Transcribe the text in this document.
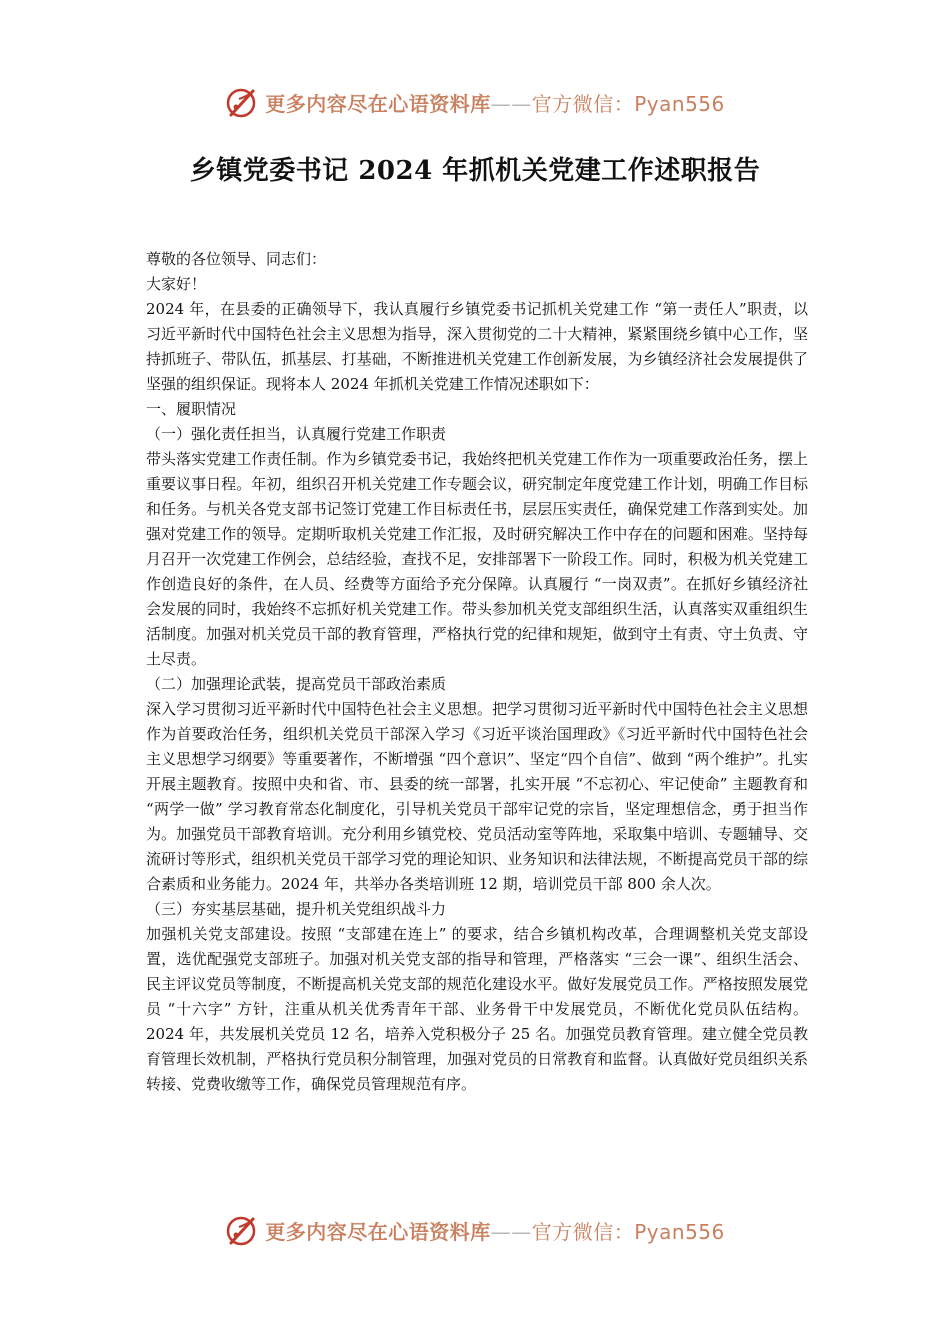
更多内容尽在心语资料库——官方微信：Pyan556
乡镇党委书记 2024 年抓机关党建工作述职报告

尊敬的各位领导、同志们：

大家好！

2024 年，在县委的正确领导下，我认真履行乡镇党委书记抓机关党建工作 “第一责任人”职责，以习近平新时代中国特色社会主义思想为指导，深入贯彻党的二十大精神，紧紧围绕乡镇中心工作，坚持抓班子、带队伍，抓基层、打基础，不断推进机关党建工作创新发展，为乡镇经济社会发展提供了坚强的组织保证。现将本人 2024 年抓机关党建工作情况述职如下：

一、履职情况

（一）强化责任担当，认真履行党建工作职责

带头落实党建工作责任制。作为乡镇党委书记，我始终把机关党建工作作为一项重要政治任务，摆上重要议事日程。年初，组织召开机关党建工作专题会议，研究制定年度党建工作计划，明确工作目标和任务。与机关各党支部书记签订党建工作目标责任书，层层压实责任，确保党建工作落到实处。加强对党建工作的领导。定期听取机关党建工作汇报，及时研究解决工作中存在的问题和困难。坚持每月召开一次党建工作例会，总结经验，查找不足，安排部署下一阶段工作。同时，积极为机关党建工作创造良好的条件，在人员、经费等方面给予充分保障。认真履行 “一岗双责”。在抓好乡镇经济社会发展的同时，我始终不忘抓好机关党建工作。带头参加机关党支部组织生活，认真落实双重组织生活制度。加强对机关党员干部的教育管理，严格执行党的纪律和规矩，做到守土有责、守土负责、守土尽责。

（二）加强理论武装，提高党员干部政治素质

深入学习贯彻习近平新时代中国特色社会主义思想。把学习贯彻习近平新时代中国特色社会主义思想作为首要政治任务，组织机关党员干部深入学习《习近平谈治国理政》《习近平新时代中国特色社会主义思想学习纲要》等重要著作，不断增强 “四个意识”、坚定“四个自信”、做到 “两个维护”。扎实开展主题教育。按照中央和省、市、县委的统一部署，扎实开展 “不忘初心、牢记使命” 主题教育和 “两学一做” 学习教育常态化制度化，引导机关党员干部牢记党的宗旨，坚定理想信念，勇于担当作为。加强党员干部教育培训。充分利用乡镇党校、党员活动室等阵地，采取集中培训、专题辅导、交流研讨等形式，组织机关党员干部学习党的理论知识、业务知识和法律法规，不断提高党员干部的综合素质和业务能力。2024 年，共举办各类培训班 12 期，培训党员干部 800 余人次。

（三）夯实基层基础，提升机关党组织战斗力

加强机关党支部建设。按照 “支部建在连上” 的要求，结合乡镇机构改革，合理调整机关党支部设置，选优配强党支部班子。加强对机关党支部的指导和管理，严格落实 “三会一课”、组织生活会、民主评议党员等制度，不断提高机关党支部的规范化建设水平。做好发展党员工作。严格按照发展党员 “十六字” 方针，注重从机关优秀青年干部、业务骨干中发展党员，不断优化党员队伍结构。2024 年，共发展机关党员 12 名，培养入党积极分子 25 名。加强党员教育管理。建立健全党员教育管理长效机制，严格执行党员积分制管理，加强对党员的日常教育和监督。认真做好党员组织关系转接、党费收缴等工作，确保党员管理规范有序。

更多内容尽在心语资料库——官方微信：Pyan556
